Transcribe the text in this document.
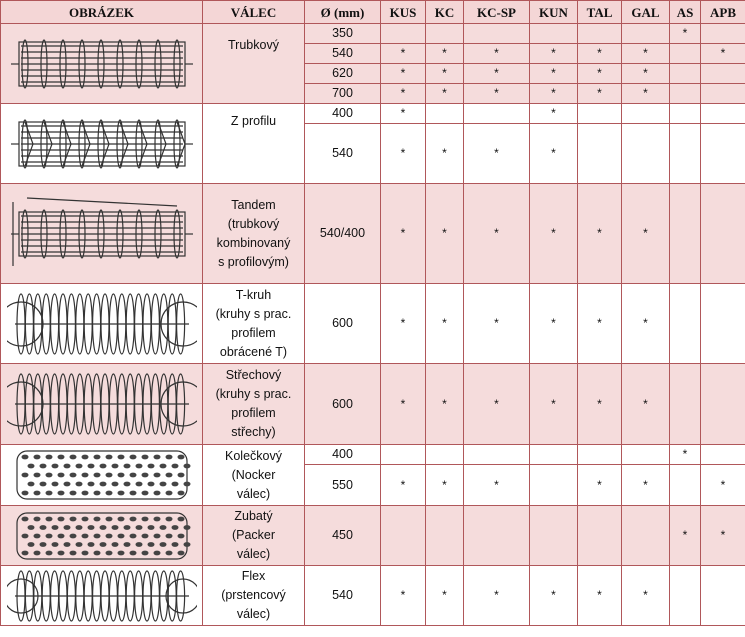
OBRÁZEK	VÁLEC	Ø (mm)	KUS	KC	KC-SP	KUN	TAL	GAL	AS	APB

Trubkový	350							*	
		540	*	*	*	*	*	*		*
		620	*	*	*	*	*	*		
		700	*	*	*	*	*	*		

Z profilu	400	*			*				
		540	*	*	*	*				

Tandem
(trubkový
kombinovaný
s profilovým)	540/400	*	*	*	*	*	*		

T-kruh
(kruhy s prac.
profilem
obrácené T)	600	*	*	*	*	*	*		

Střechový
(kruhy s prac.
profilem
střechy)	600	*	*	*	*	*	*		

Kolečkový
(Nocker
válec)	400							*	
		550	*	*	*		*	*		*

Zubatý
(Packer
válec)	450							*	*

Flex
(prstencový
válec)	540	*	*	*	*	*	*		
